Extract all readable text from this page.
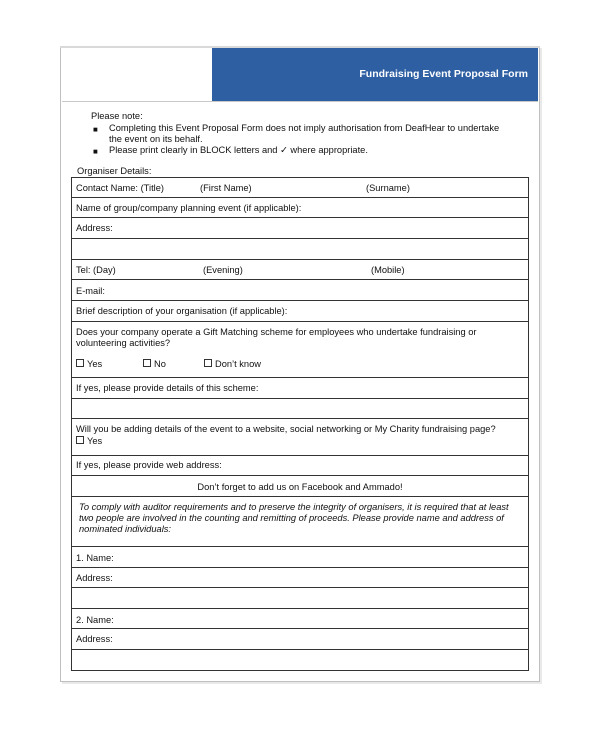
Fundraising Event Proposal Form
Please note:
■ Completing this Event Proposal Form does not imply authorisation from DeafHear to undertake
the event on its behalf.
■ Please print clearly in BLOCK letters and ✓ where appropriate.
Organiser Details:
Contact Name: (Title)	(First Name)	(Surname)
Name of group/company planning event (if applicable):
Address:
Tel: (Day)	(Evening)	(Mobile)
E-mail:
Brief description of your organisation (if applicable):
Does your company operate a Gift Matching scheme for employees who undertake fundraising or volunteering activities?
Yes	No	Don’t know
If yes, please provide details of this scheme:
Will you be adding details of the event to a website, social networking or My Charity fundraising page?
Yes
If yes, please provide web address:
Don’t forget to add us on Facebook and Ammado!
To comply with auditor requirements and to preserve the integrity of organisers, it is required that at least two people are involved in the counting and remitting of proceeds. Please provide name and address of nominated individuals:
1. Name:
Address:
2. Name:
Address:
